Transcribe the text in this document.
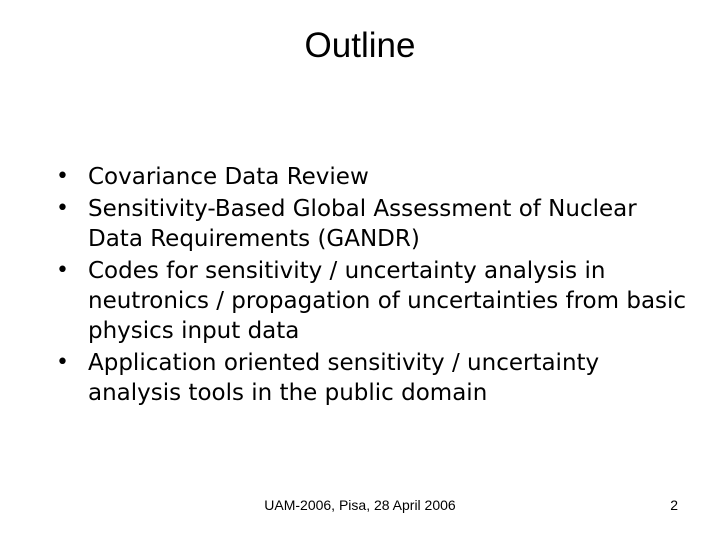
Outline
• Covariance Data Review
• Sensitivity-Based Global Assessment of Nuclear Data Requirements (GANDR)
• Codes for sensitivity / uncertainty analysis in neutronics / propagation of uncertainties from basic physics input data
• Application oriented sensitivity / uncertainty analysis tools in the public domain
UAM-2006, Pisa, 28 April 2006	2
